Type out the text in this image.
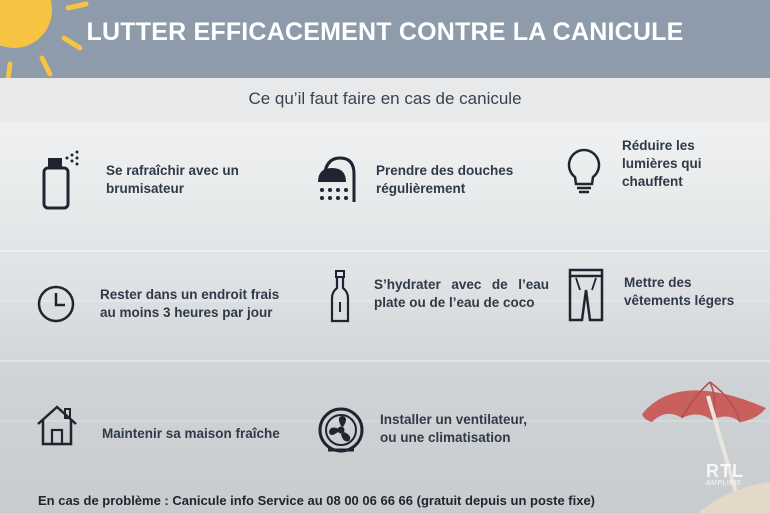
LUTTER EFFICACEMENT CONTRE LA CANICULE
Ce qu’il faut faire en cas de canicule
Se rafraîchir avec un brumisateur
Prendre des douches régulièrement
Réduire les lumières qui chauffent
Rester dans un endroit frais au moins 3 heures par jour
S’hydrater avec de l’eau plate ou de l’eau de coco
Mettre des vêtements légers
Maintenir sa maison fraîche
Installer un ventilateur, ou une climatisation
RTL
AMPLIFIE
En cas de problème : Canicule info Service au 08 00 06 66 66 (gratuit depuis un poste fixe)
